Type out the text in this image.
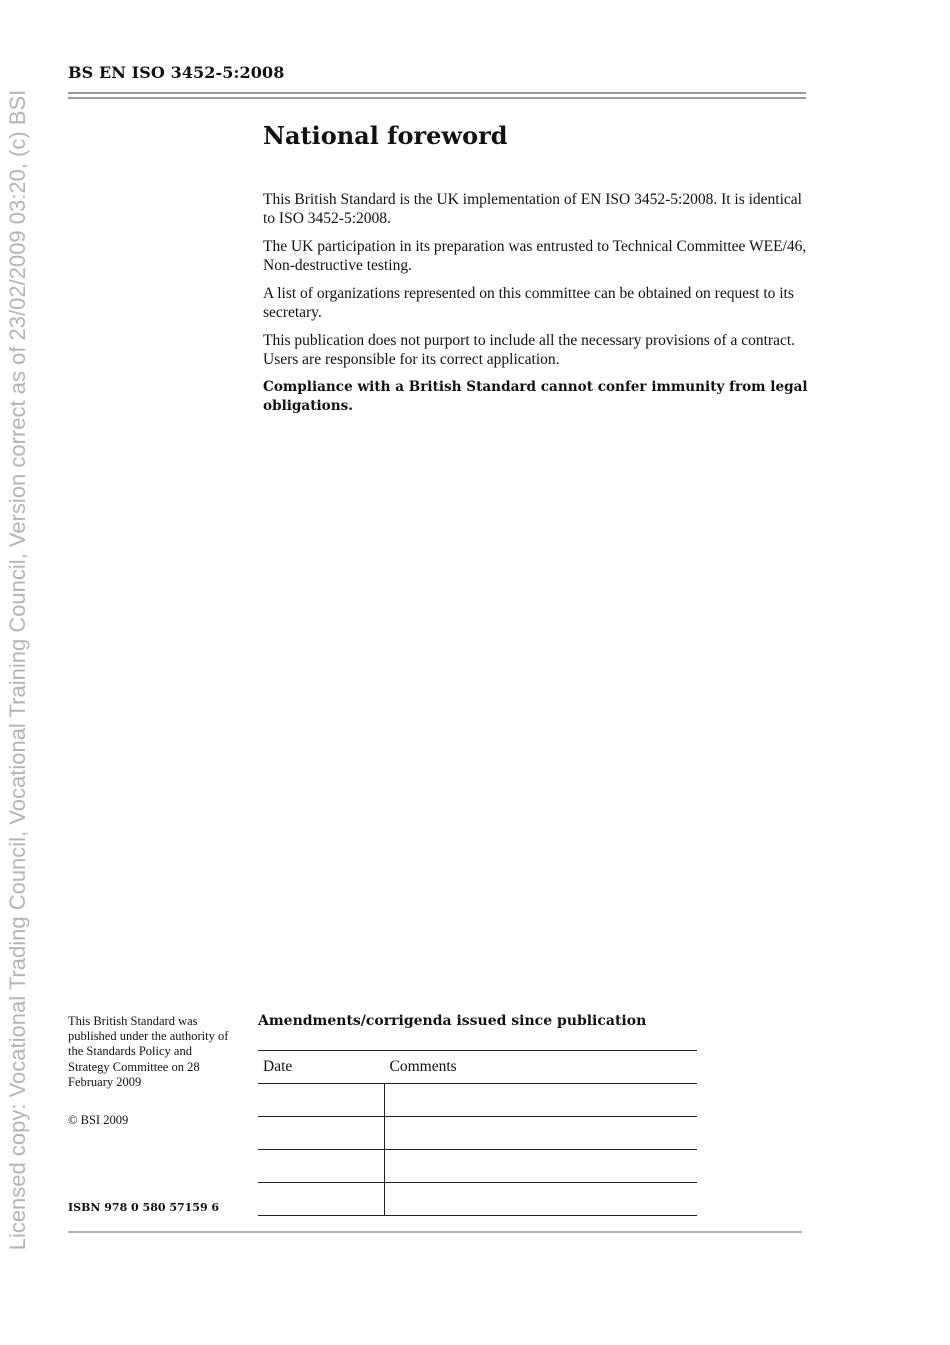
Licensed copy: Vocational Trading Council, Vocational Training Council, Version correct as of 23/02/2009 03:20, (c) BSI
BS EN ISO 3452-5:2008
National foreword

This British Standard is the UK implementation of EN ISO 3452-5:2008. It is identical to ISO 3452-5:2008.

The UK participation in its preparation was entrusted to Technical Committee WEE/46, Non-destructive testing.

A list of organizations represented on this committee can be obtained on request to its secretary.

This publication does not purport to include all the necessary provisions of a contract. Users are responsible for its correct application.

Compliance with a British Standard cannot confer immunity from legal obligations.

This British Standard was published under the authority of the Standards Policy and Strategy Committee on 28 February 2009

© BSI 2009
ISBN 978 0 580 57159 6
Amendments/corrigenda issued since publication
Date	Comments
